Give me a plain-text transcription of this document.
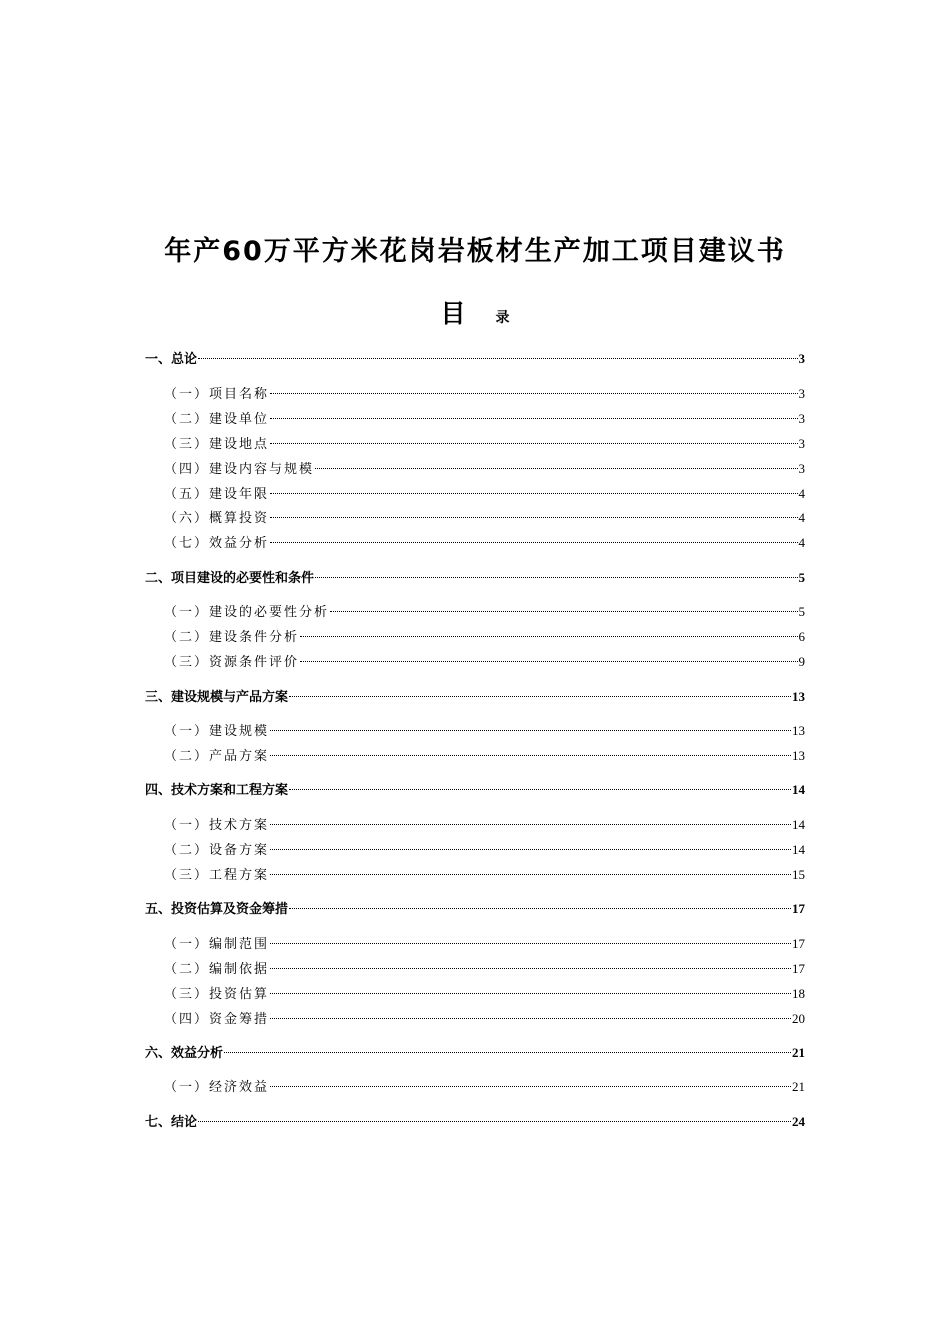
年产60万平方米花岗岩板材生产加工项目建议书
目 录
一、总论	3
（一）项目名称	3
（二）建设单位	3
（三）建设地点	3
（四）建设内容与规模	3
（五）建设年限	4
（六）概算投资	4
（七）效益分析	4
二、项目建设的必要性和条件	5
（一）建设的必要性分析	5
（二）建设条件分析	6
（三）资源条件评价	9
三、建设规模与产品方案	13
（一）建设规模	13
（二）产品方案	13
四、技术方案和工程方案	14
（一）技术方案	14
（二）设备方案	14
（三）工程方案	15
五、投资估算及资金筹措	17
（一）编制范围	17
（二）编制依据	17
（三）投资估算	18
（四）资金筹措	20
六、效益分析	21
（一）经济效益	21
七、结论	24
